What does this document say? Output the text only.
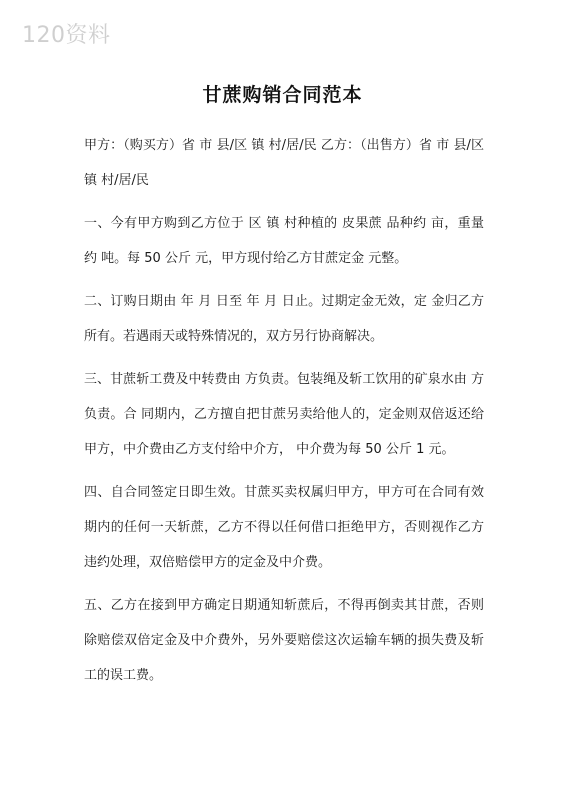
120资料
甘蔗购销合同范本

甲方：（购买方）省 市 县/区 镇 村/居/民 乙方：（出售方）省 市 县/区 镇 村/居/民

一、今有甲方购到乙方位于 区 镇 村种植的 皮果蔗 品种约 亩，重量约 吨。每 50 公斤 元，甲方现付给乙方甘蔗定金 元整。

二、订购日期由 年 月 日至 年 月 日止。过期定金无效，定 金归乙方所有。若遇雨天或特殊情况的，双方另行协商解决。

三、甘蔗斩工费及中转费由 方负责。包装绳及斩工饮用的矿泉水由 方负责。合 同期内，乙方擅自把甘蔗另卖给他人的，定金则双倍返还给甲方，中介费由乙方支付给中介方， 中介费为每 50 公斤 1 元。

四、自合同签定日即生效。甘蔗买卖权属归甲方，甲方可在合同有效期内的任何一天斩蔗，乙方不得以任何借口拒绝甲方，否则视作乙方违约处理，双倍赔偿甲方的定金及中介费。

五、乙方在接到甲方确定日期通知斩蔗后，不得再倒卖其甘蔗，否则除赔偿双倍定金及中介费外，另外要赔偿这次运输车辆的损失费及斩工的误工费。
